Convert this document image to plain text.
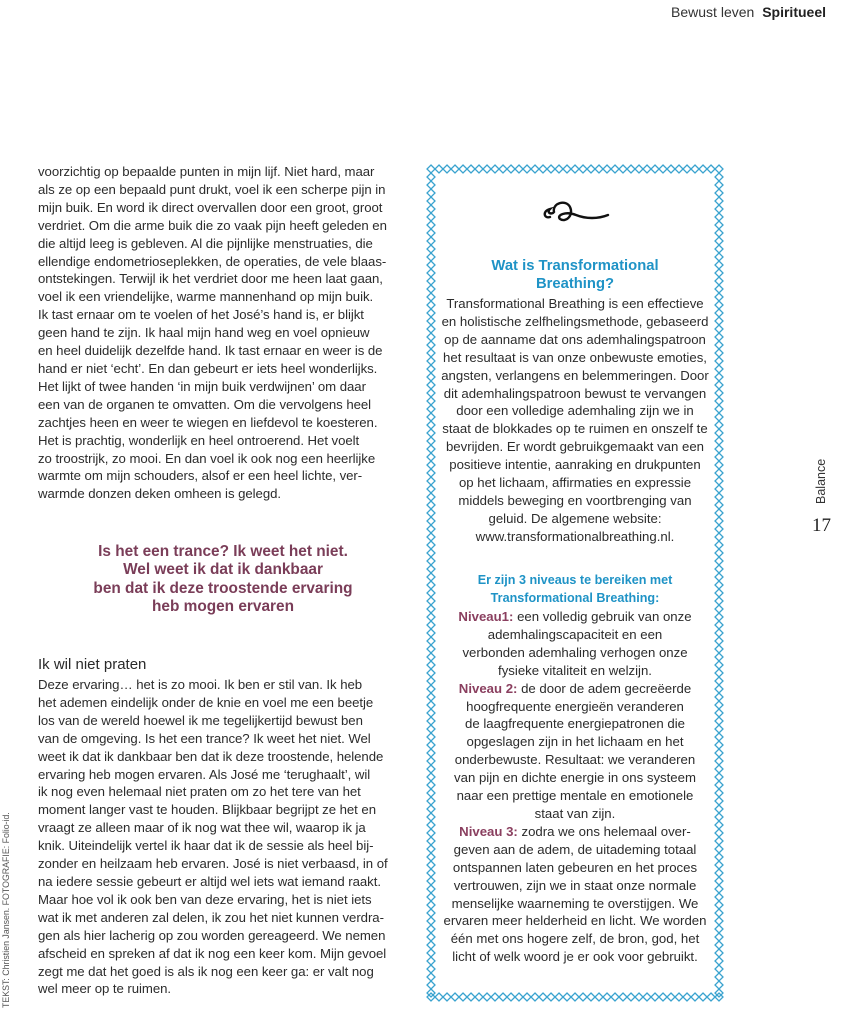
Bewust leven Spiritueel
voorzichtig op bepaalde punten in mijn lijf. Niet hard, maar
als ze op een bepaald punt drukt, voel ik een scherpe pijn in
mijn buik. En word ik direct overvallen door een groot, groot
verdriet. Om die arme buik die zo vaak pijn heeft geleden en
die altijd leeg is gebleven. Al die pijnlijke menstruaties, die
ellendige endometrioseplekken, de operaties, de vele blaas-
ontstekingen. Terwijl ik het verdriet door me heen laat gaan,
voel ik een vriendelijke, warme mannenhand op mijn buik.
Ik tast ernaar om te voelen of het José’s hand is, er blijkt
geen hand te zijn. Ik haal mijn hand weg en voel opnieuw
en heel duidelijk dezelfde hand. Ik tast ernaar en weer is de
hand er niet ‘echt’. En dan gebeurt er iets heel wonderlijks.
Het lijkt of twee handen ‘in mijn buik verdwijnen’ om daar
een van de organen te omvatten. Om die vervolgens heel
zachtjes heen en weer te wiegen en liefdevol te koesteren.
Het is prachtig, wonderlijk en heel ontroerend. Het voelt
zo troostrijk, zo mooi. En dan voel ik ook nog een heerlijke
warmte om mijn schouders, alsof er een heel lichte, ver-
warmde donzen deken omheen is gelegd.
Is het een trance? Ik weet het niet.
Wel weet ik dat ik dankbaar
ben dat ik deze troostende ervaring
heb mogen ervaren
Ik wil niet praten
Deze ervaring… het is zo mooi. Ik ben er stil van. Ik heb
het ademen eindelijk onder de knie en voel me een beetje
los van de wereld hoewel ik me tegelijkertijd bewust ben
van de omgeving. Is het een trance? Ik weet het niet. Wel
weet ik dat ik dankbaar ben dat ik deze troostende, helende
ervaring heb mogen ervaren. Als José me ‘terughaalt’, wil
ik nog even helemaal niet praten om zo het tere van het
moment langer vast te houden. Blijkbaar begrijpt ze het en
vraagt ze alleen maar of ik nog wat thee wil, waarop ik ja
knik. Uiteindelijk vertel ik haar dat ik de sessie als heel bij-
zonder en heilzaam heb ervaren. José is niet verbaasd, in of
na iedere sessie gebeurt er altijd wel iets wat iemand raakt.
Maar hoe vol ik ook ben van deze ervaring, het is niet iets
wat ik met anderen zal delen, ik zou het niet kunnen verdra-
gen als hier lacherig op zou worden gereageerd. We nemen
afscheid en spreken af dat ik nog een keer kom. Mijn gevoel
zegt me dat het goed is als ik nog een keer ga: er valt nog
wel meer op te ruimen.
Wat is Transformational
Breathing?
Transformational Breathing is een effectieve
en holistische zelfhelingsmethode, gebaseerd
op de aanname dat ons ademhalingspatroon
het resultaat is van onze onbewuste emoties,
angsten, verlangens en belemmeringen. Door
dit ademhalingspatroon bewust te vervangen
door een volledige ademhaling zijn we in
staat de blokkades op te ruimen en onszelf te
bevrijden. Er wordt gebruikgemaakt van een
positieve intentie, aanraking en drukpunten
op het lichaam, affirmaties en expressie
middels beweging en voortbrenging van
geluid. De algemene website:
www.transformationalbreathing.nl.
Er zijn 3 niveaus te bereiken met
Transformational Breathing:
Niveau1: een volledig gebruik van onze
ademhalingscapaciteit en een
verbonden ademhaling verhogen onze
fysieke vitaliteit en welzijn.
Niveau 2: de door de adem gecreëerde
hoogfrequente energieën veranderen
de laagfrequente energiepatronen die
opgeslagen zijn in het lichaam en het
onderbewuste. Resultaat: we veranderen
van pijn en dichte energie in ons systeem
naar een prettige mentale en emotionele
staat van zijn.
Niveau 3: zodra we ons helemaal over-
geven aan de adem, de uitademing totaal
ontspannen laten gebeuren en het proces
vertrouwen, zijn we in staat onze normale
menselijke waarneming te overstijgen. We
ervaren meer helderheid en licht. We worden
één met ons hogere zelf, de bron, god, het
licht of welk woord je er ook voor gebruikt.
Balance
17
TEKST: Christien Jansen. FOTOGRAFIE: Folio-id.
